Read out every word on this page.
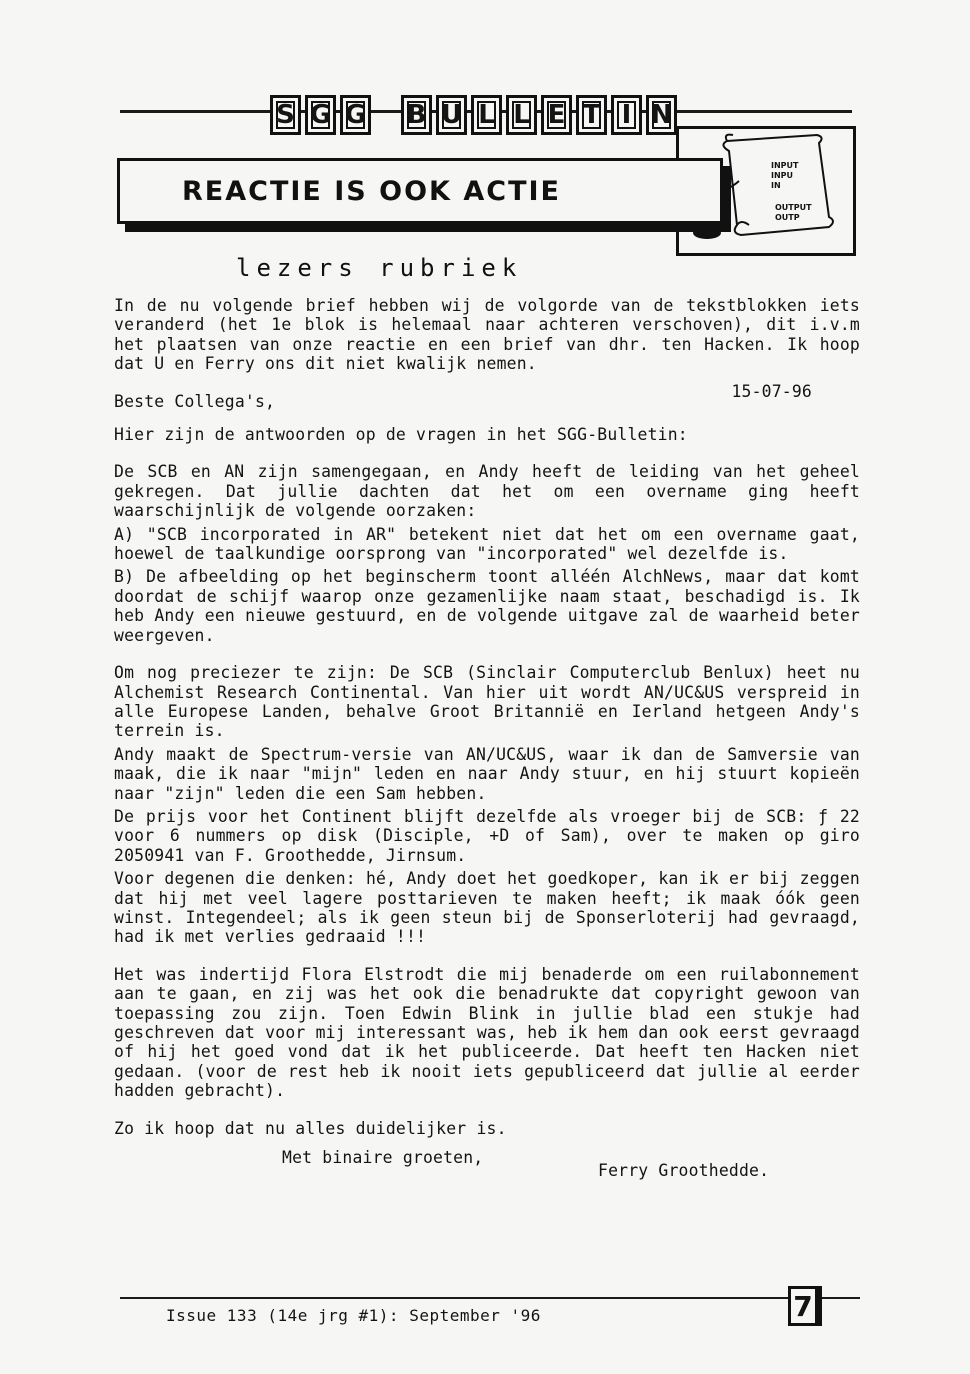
S G G B U L L E T I N
INPUT
INPU
IN
OUTPUT
OUTP
REACTIE IS OOK ACTIE
lezers rubriek

In de nu volgende brief hebben wij de volgorde van de tekstblokken iets veranderd (het 1e blok is helemaal naar achteren verschoven), dit i.v.m het plaatsen van onze reactie en een brief van dhr. ten Hacken. Ik hoop dat U en Ferry ons dit niet kwalijk nemen.

Beste Collega's,
15-07-96

Hier zijn de antwoorden op de vragen in het SGG-Bulletin:

De SCB en AN zijn samengegaan, en Andy heeft de leiding van het geheel gekregen. Dat jullie dachten dat het om een overname ging heeft waarschijnlijk de volgende oorzaken:

A) "SCB incorporated in AR" betekent niet dat het om een overname gaat, hoewel de taalkundige oorsprong van "incorporated" wel dezelfde is.

B) De afbeelding op het beginscherm toont alléén AlchNews, maar dat komt doordat de schijf waarop onze gezamenlijke naam staat, beschadigd is. Ik heb Andy een nieuwe gestuurd, en de volgende uitgave zal de waarheid beter weergeven.

Om nog preciezer te zijn: De SCB (Sinclair Computerclub Benlux) heet nu Alchemist Research Continental. Van hier uit wordt AN/UC&US verspreid in alle Europese Landen, behalve Groot Britannië en Ierland hetgeen Andy's terrein is.

Andy maakt de Spectrum-versie van AN/UC&US, waar ik dan de Samversie van maak, die ik naar "mijn" leden en naar Andy stuur, en hij stuurt kopieën naar "zijn" leden die een Sam hebben.

De prijs voor het Continent blijft dezelfde als vroeger bij de SCB: ƒ 22 voor 6 nummers op disk (Disciple, +D of Sam), over te maken op giro 2050941 van F. Groothedde, Jirnsum.

Voor degenen die denken: hé, Andy doet het goedkoper, kan ik er bij zeggen dat hij met veel lagere posttarieven te maken heeft; ik maak óók geen winst. Integendeel; als ik geen steun bij de Sponserloterij had gevraagd, had ik met verlies gedraaid !!!

Het was indertijd Flora Elstrodt die mij benaderde om een ruilabonnement aan te gaan, en zij was het ook die benadrukte dat copyright gewoon van toepassing zou zijn. Toen Edwin Blink in jullie blad een stukje had geschreven dat voor mij interessant was, heb ik hem dan ook eerst gevraagd of hij het goed vond dat ik het publiceerde. Dat heeft ten Hacken niet gedaan. (voor de rest heb ik nooit iets gepubliceerd dat jullie al eerder hadden gebracht).

Zo ik hoop dat nu alles duidelijker is.

Met binaire groeten,
Ferry Groothedde.
Issue 133 (14e jrg #1): September '96	7
